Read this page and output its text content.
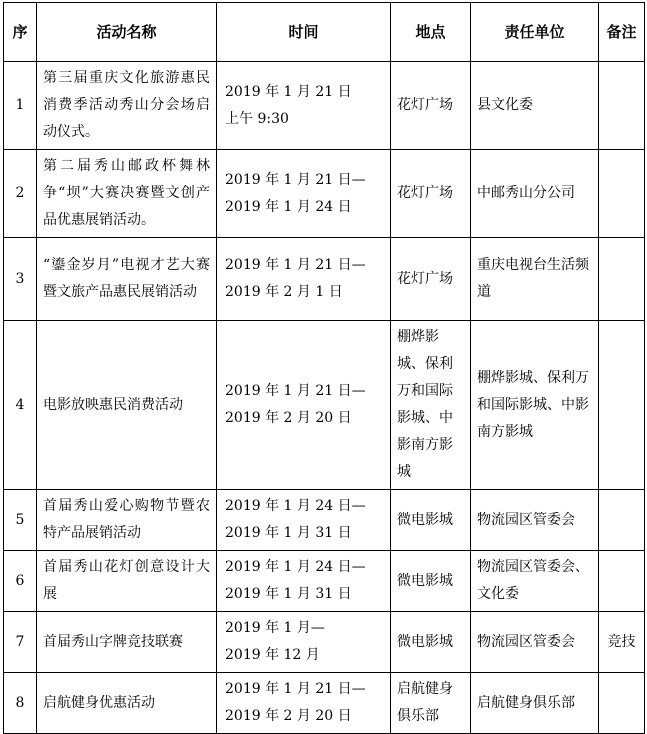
序	活动名称	时间	地点	责任单位	备注
1	第三届重庆文化旅游惠民消费季活动秀山分会场启动仪式。	2019 年 1 月 21 日
上午 9:30	花灯广场	县文化委	
2	第二届秀山邮政杯舞林争“坝”大赛决赛暨文创产品优惠展销活动。	2019 年 1 月 21 日—
2019 年 1 月 24 日	花灯广场	中邮秀山分公司	
3	“鎏金岁月”电视才艺大赛暨文旅产品惠民展销活动	2019 年 1 月 21 日—
2019 年 2 月 1 日	花灯广场	重庆电视台生活频道	
4	电影放映惠民消费活动	2019 年 1 月 21 日—
2019 年 2 月 20 日	棚烨影城、保利万和国际影城、中影南方影城	棚烨影城、保利万和国际影城、中影南方影城	
5	首届秀山爱心购物节暨农特产品展销活动	2019 年 1 月 24 日—
2019 年 1 月 31 日	微电影城	物流园区管委会	
6	首届秀山花灯创意设计大展	2019 年 1 月 24 日—
2019 年 1 月 31 日	微电影城	物流园区管委会、文化委	
7	首届秀山字牌竞技联赛	2019 年 1 月—
2019 年 12 月	微电影城	物流园区管委会	竞技
8	启航健身优惠活动	2019 年 1 月 21 日—
2019 年 2 月 20 日	启航健身俱乐部	启航健身俱乐部	
